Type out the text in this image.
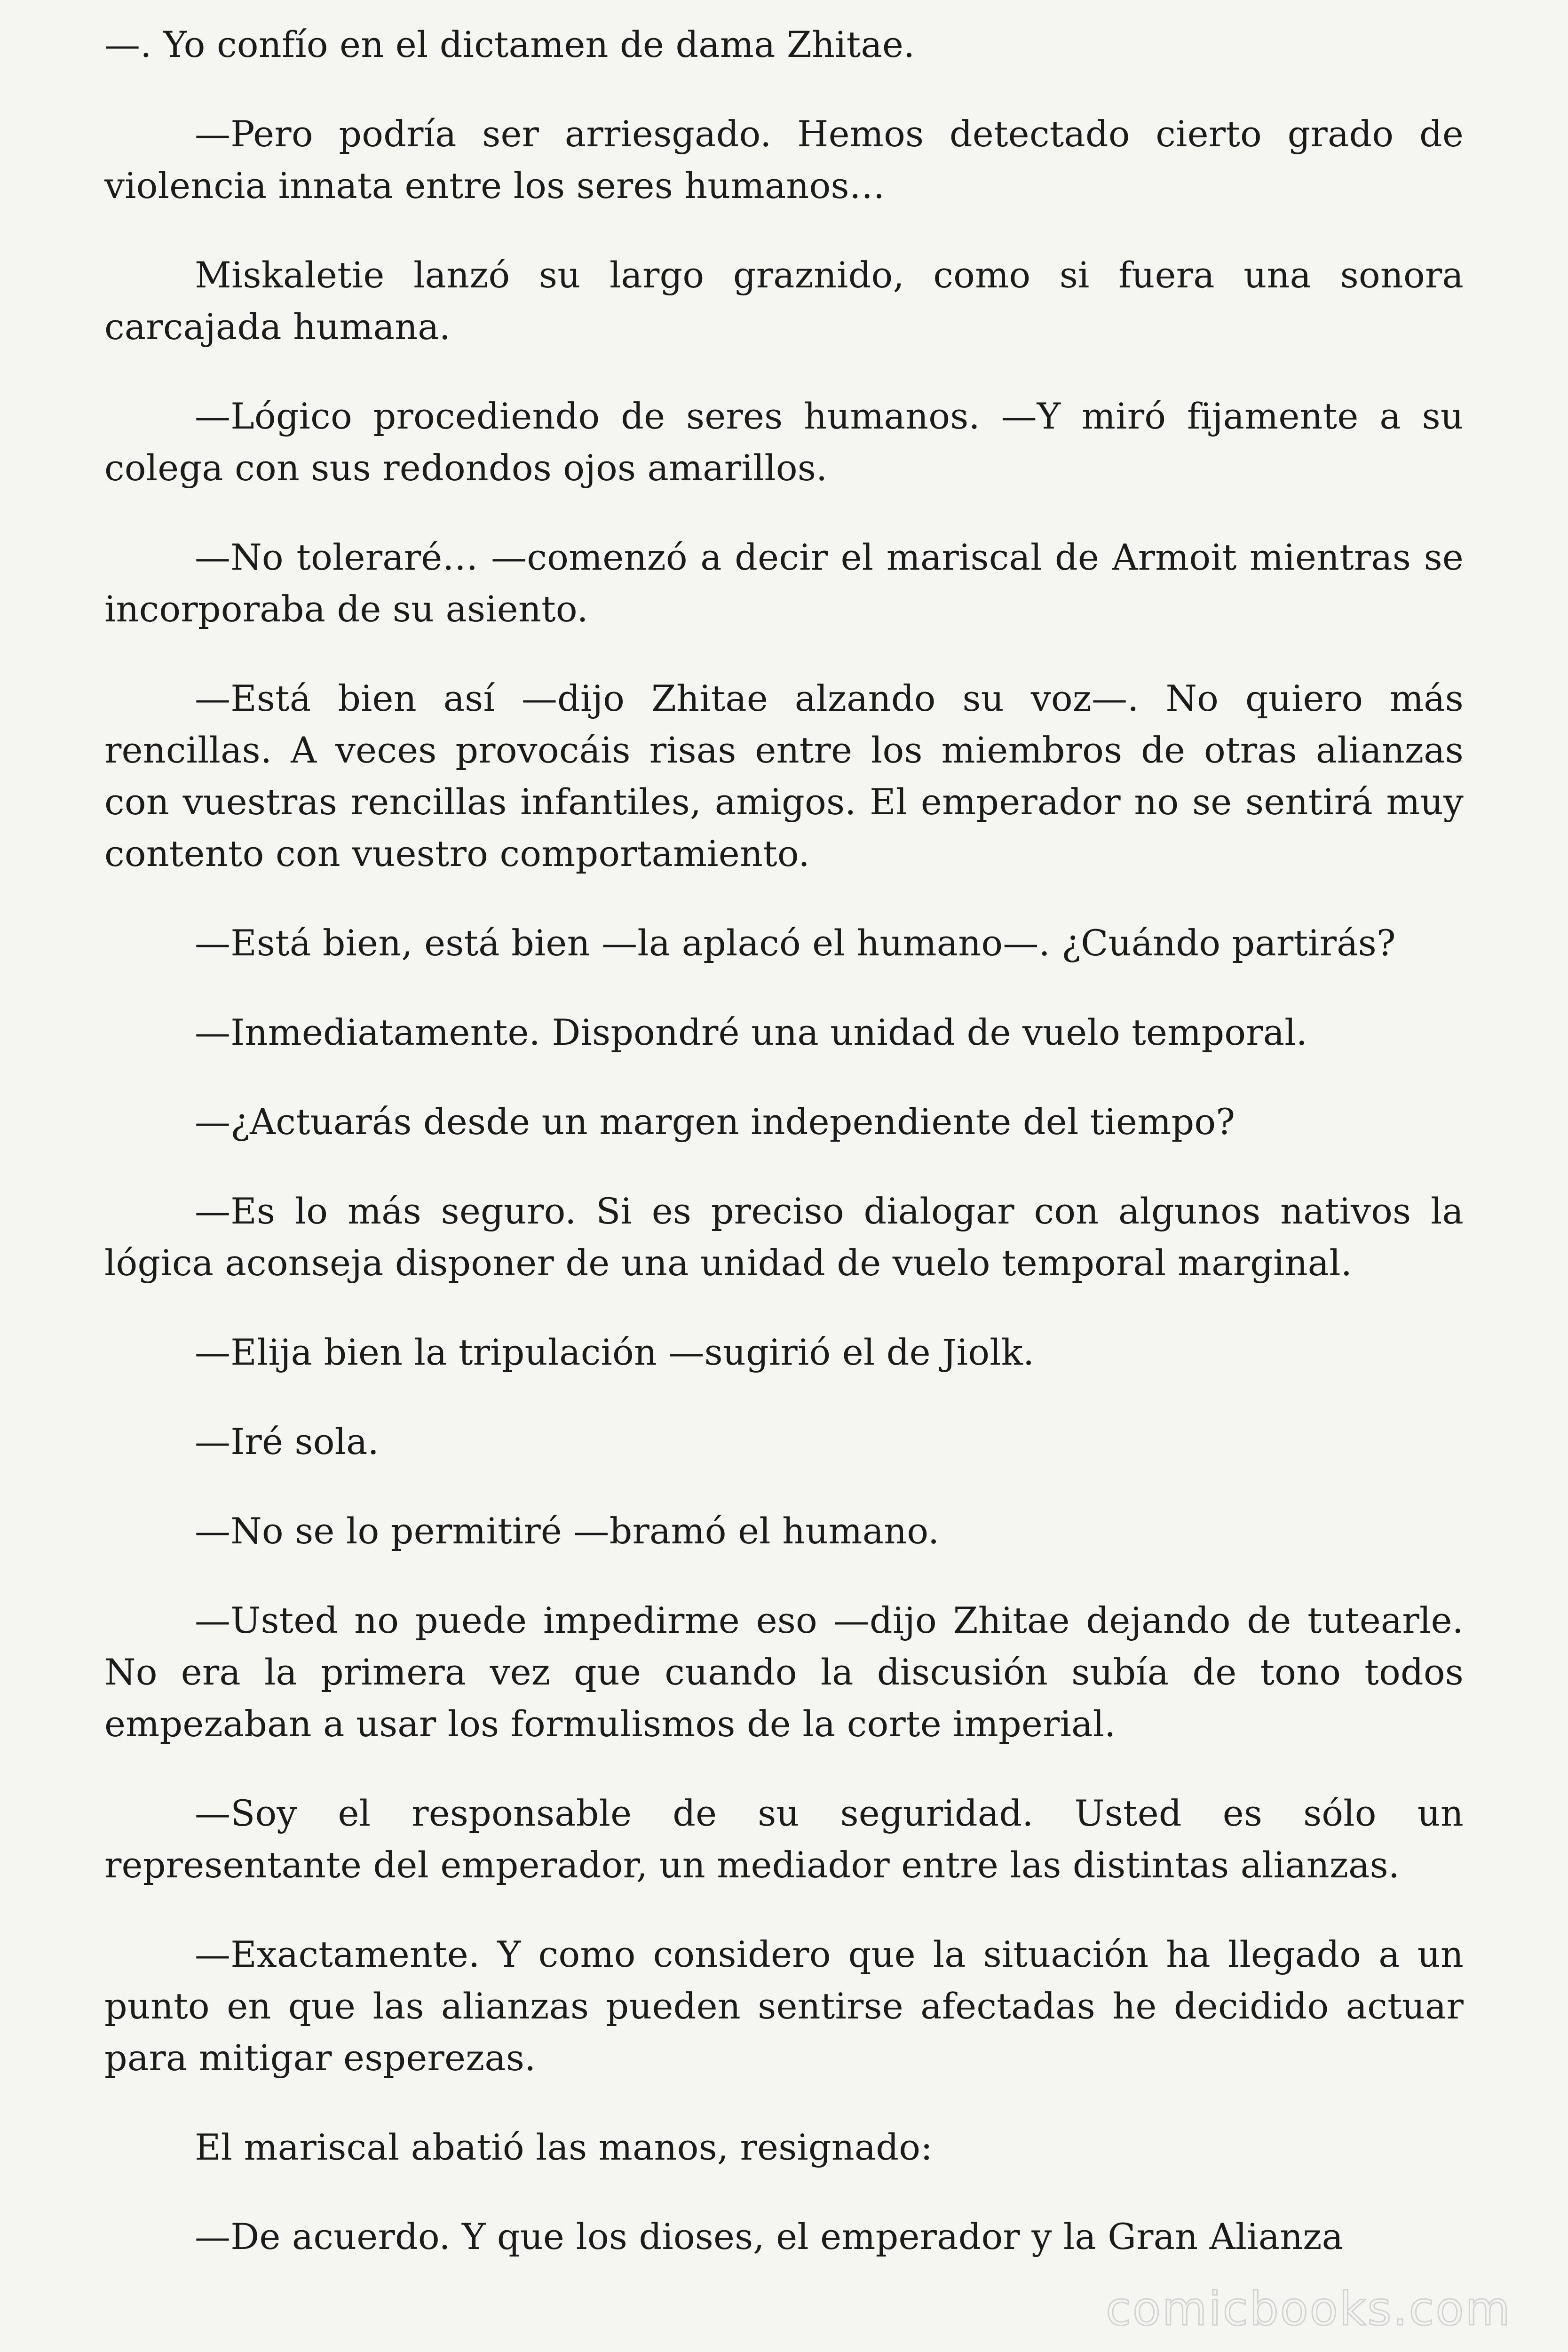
—. Yo confío en el dictamen de dama Zhitae.

—Pero podría ser arriesgado. Hemos detectado cierto grado de violencia innata entre los seres humanos…

Miskaletie lanzó su largo graznido, como si fuera una sonora carcajada humana.

—Lógico procediendo de seres humanos. —Y miró fijamente a su colega con sus redondos ojos amarillos.

—No toleraré… —comenzó a decir el mariscal de Armoit mientras se incorporaba de su asiento.

—Está bien así —dijo Zhitae alzando su voz—. No quiero más rencillas. A veces provocáis risas entre los miembros de otras alianzas con vuestras rencillas infantiles, amigos. El emperador no se sentirá muy contento con vuestro comportamiento.

—Está bien, está bien —la aplacó el humano—. ¿Cuándo partirás?

—Inmediatamente. Dispondré una unidad de vuelo temporal.

—¿Actuarás desde un margen independiente del tiempo?

—Es lo más seguro. Si es preciso dialogar con algunos nativos la lógica aconseja disponer de una unidad de vuelo temporal marginal.

—Elija bien la tripulación —sugirió el de Jiolk.

—Iré sola.

—No se lo permitiré —bramó el humano.

—Usted no puede impedirme eso —dijo Zhitae dejando de tutearle. No era la primera vez que cuando la discusión subía de tono todos empezaban a usar los formulismos de la corte imperial.

—Soy el responsable de su seguridad. Usted es sólo un representante del emperador, un mediador entre las distintas alianzas.

—Exactamente. Y como considero que la situación ha llegado a un punto en que las alianzas pueden sentirse afectadas he decidido actuar para mitigar esperezas.

El mariscal abatió las manos, resignado:

—De acuerdo. Y que los dioses, el emperador y la Gran Alianza

comicbooks.com
